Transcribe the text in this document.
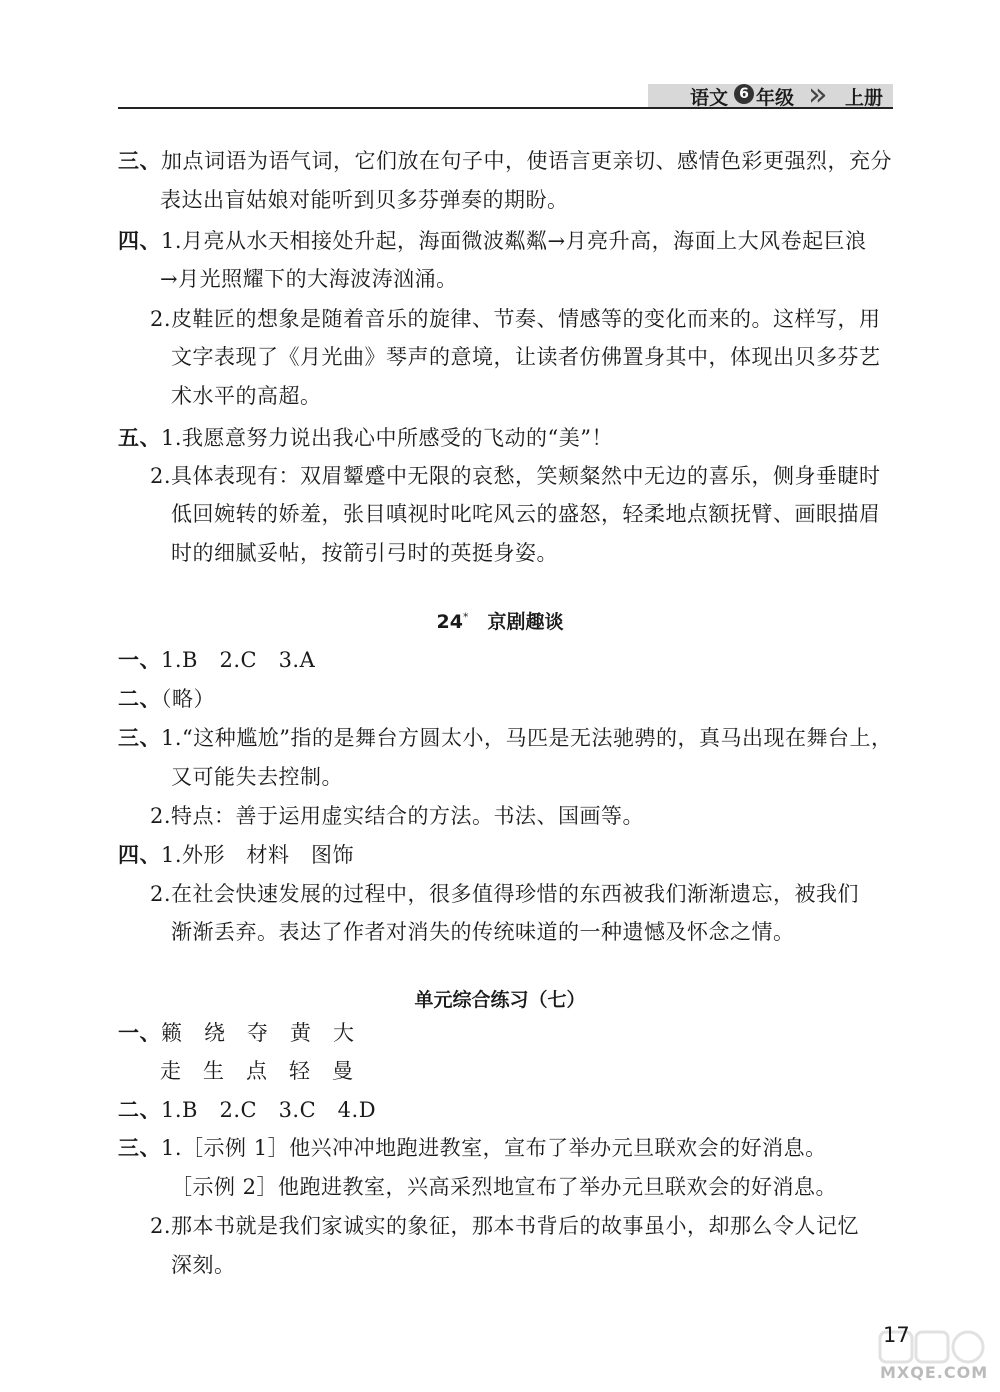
语文 6 年级 » 上册
三、加点词语为语气词，它们放在句子中，使语言更亲切、感情色彩更强烈，充分
表达出盲姑娘对能听到贝多芬弹奏的期盼。
四、1.月亮从水天相接处升起，海面微波粼粼→月亮升高，海面上大风卷起巨浪
→月光照耀下的大海波涛汹涌。
2.皮鞋匠的想象是随着音乐的旋律、节奏、情感等的变化而来的。这样写，用
文字表现了《月光曲》琴声的意境，让读者仿佛置身其中，体现出贝多芬艺
术水平的高超。
五、1.我愿意努力说出我心中所感受的飞动的“美”！
2.具体表现有：双眉颦蹙中无限的哀愁，笑颊粲然中无边的喜乐，侧身垂睫时
低回婉转的娇羞，张目嗔视时叱咤风云的盛怒，轻柔地点额抚臂、画眼描眉
时的细腻妥帖，按箭引弓时的英挺身姿。
24*　 京剧趣谈
一、1.B　2.C　3.A
二、（略）
三、1.“这种尴尬”指的是舞台方圆太小，马匹是无法驰骋的，真马出现在舞台上，
又可能失去控制。
2.特点：善于运用虚实结合的方法。书法、国画等。
四、1.外形　材料　图饰
2.在社会快速发展的过程中，很多值得珍惜的东西被我们渐渐遗忘，被我们
渐渐丢弃。表达了作者对消失的传统味道的一种遗憾及怀念之情。
单元综合练习（七）
一、籁　绕　夺　黄　大
走　生　点　轻　曼
二、1.B　2.C　3.C　4.D
三、1.［示例 1］他兴冲冲地跑进教室，宣布了举办元旦联欢会的好消息。
［示例 2］他跑进教室，兴高采烈地宣布了举办元旦联欢会的好消息。
2.那本书就是我们家诚实的象征，那本书背后的故事虽小，却那么令人记忆
深刻。
17
MXQE.COM
